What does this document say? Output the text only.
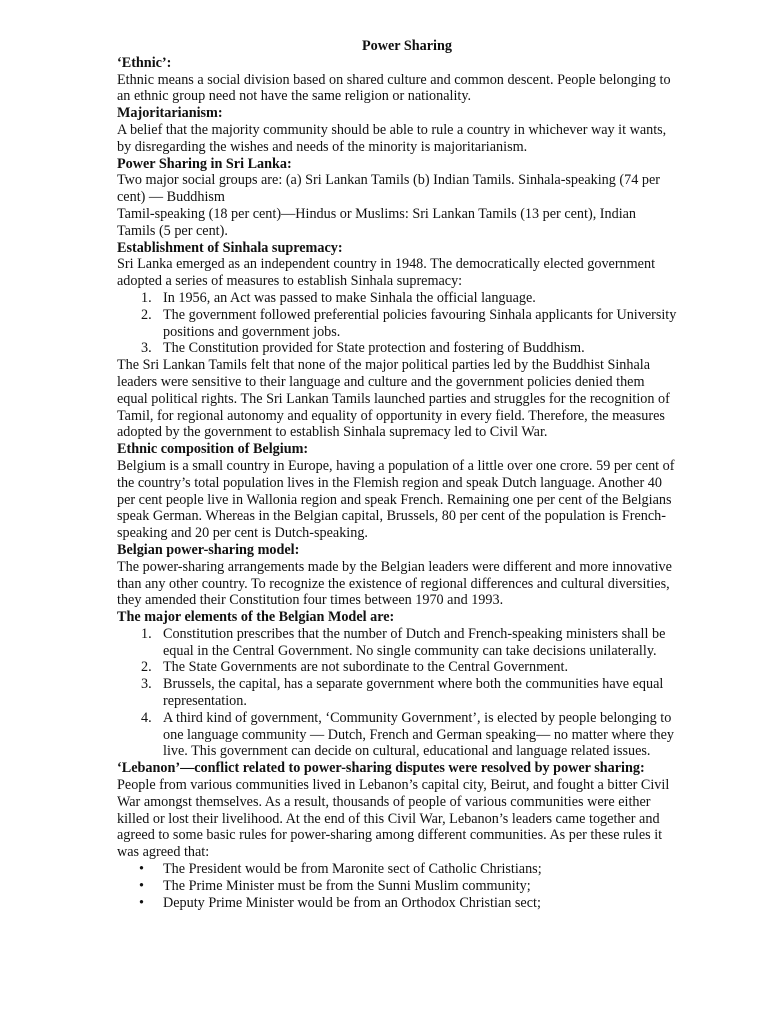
Power Sharing
‘Ethnic’:

Ethnic means a social division based on shared culture and common descent. People belonging to an ethnic group need not have the same religion or nationality.

Majoritarianism:

A belief that the majority community should be able to rule a country in whichever way it wants, by disregarding the wishes and needs of the minority is majoritarianism.

Power Sharing in Sri Lanka:

Two major social groups are: (a) Sri Lankan Tamils (b) Indian Tamils. Sinhala-speaking (74 per cent) — Buddhism

Tamil-speaking (18 per cent)—Hindus or Muslims: Sri Lankan Tamils (13 per cent), Indian Tamils (5 per cent).

Establishment of Sinhala supremacy:

Sri Lanka emerged as an independent country in 1948. The democratically elected government adopted a series of measures to establish Sinhala supremacy:

1. In 1956, an Act was passed to make Sinhala the official language.
2. The government followed preferential policies favouring Sinhala applicants for University positions and government jobs.
3. The Constitution provided for State protection and fostering of Buddhism.

The Sri Lankan Tamils felt that none of the major political parties led by the Buddhist Sinhala leaders were sensitive to their language and culture and the government policies denied them equal political rights. The Sri Lankan Tamils launched parties and struggles for the recognition of Tamil, for regional autonomy and equality of opportunity in every field. Therefore, the measures adopted by the government to establish Sinhala supremacy led to Civil War.

Ethnic composition of Belgium:

Belgium is a small country in Europe, having a population of a little over one crore. 59 per cent of the country’s total population lives in the Flemish region and speak Dutch language. Another 40 per cent people live in Wallonia region and speak French. Remaining one per cent of the Belgians speak German. Whereas in the Belgian capital, Brussels, 80 per cent of the population is French-speaking and 20 per cent is Dutch-speaking.

Belgian power-sharing model:

The power-sharing arrangements made by the Belgian leaders were different and more innovative than any other country. To recognize the existence of regional differences and cultural diversities, they amended their Constitution four times between 1970 and 1993.

The major elements of the Belgian Model are:
1. Constitution prescribes that the number of Dutch and French-speaking ministers shall be equal in the Central Government. No single community can take decisions unilaterally.
2. The State Governments are not subordinate to the Central Government.
3. Brussels, the capital, has a separate government where both the communities have equal representation.
4. A third kind of government, ‘Community Government’, is elected by people belonging to one language community — Dutch, French and German speaking— no matter where they live. This government can decide on cultural, educational and language related issues.
‘Lebanon’—conflict related to power-sharing disputes were resolved by power sharing:

People from various communities lived in Lebanon’s capital city, Beirut, and fought a bitter Civil War amongst themselves. As a result, thousands of people of various communities were either killed or lost their livelihood. At the end of this Civil War, Lebanon’s leaders came together and agreed to some basic rules for power-sharing among different communities. As per these rules it was agreed that:

• The President would be from Maronite sect of Catholic Christians;
• The Prime Minister must be from the Sunni Muslim community;
• Deputy Prime Minister would be from an Orthodox Christian sect;
